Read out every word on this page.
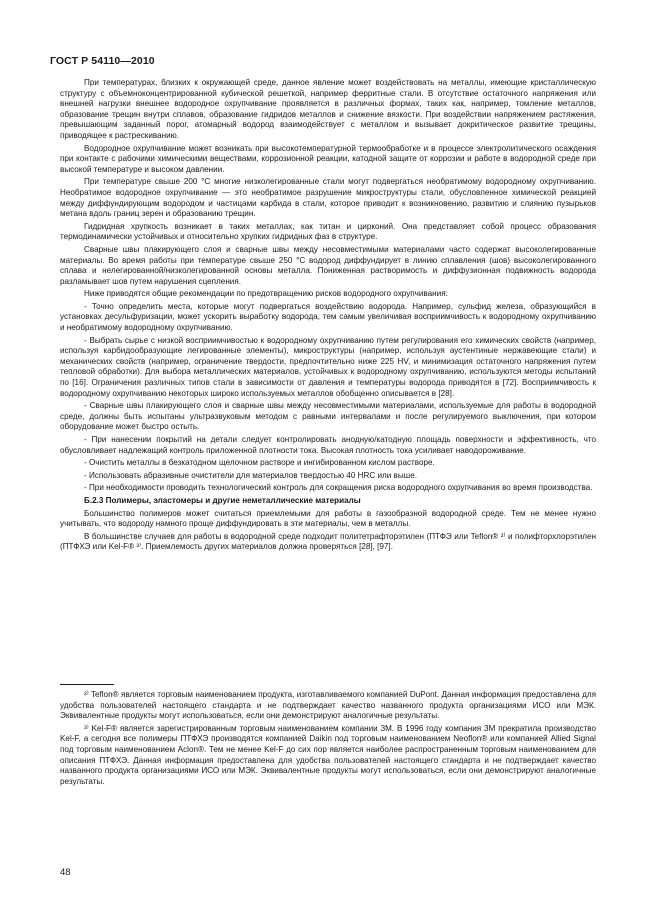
ГОСТ Р 54110—2010

При температурах, близких к окружающей среде, данное явление может воздействовать на металлы, имеющие кристаллическую структуру с объемноконцентрированной кубической решеткой, например ферритные стали. В отсутствие остаточного напряжения или внешней нагрузки внешнее водородное охрупчивание проявляется в различных формах, таких как, например, томление металлов, образование трещин внутри сплавов, образование гидридов металлов и снижение вязкости. При воздействии напряжением растяжения, превышающим заданный порог, атомарный водород взаимодействует с металлом и вызывает докритическое развитие трещины, приводящее к растрескиванию.

Водородное охрупчивание может возникать при высокотемпературной термообработке и в процессе электролитического осаждения при контакте с рабочими химическими веществами, коррозионной реакции, катодной защите от коррозии и работе в водородной среде при высокой температуре и высоком давлении.

При температуре свыше 200 °С многие низколегированные стали могут подвергаться необратимому водородному охрупчиванию. Необратимое водородное охрупчивание — это необратимое разрушение микроструктуры стали, обусловленное химической реакцией между диффундирующим водородом и частицами карбида в стали, которое приводит к возникновению, развитию и слиянию пузырьков метана вдоль границ зерен и образованию трещин.

Гидридная хрупкость возникает в таких металлах, как титан и цирконий. Она представляет собой процесс образования термодинамически устойчивых и относительно хрупких гидридных фаз в структуре.

Сварные швы плакирующего слоя и сварные швы между несовместимыми материалами часто содержат высоколегированные материалы. Во время работы при температуре свыше 250 °С водород диффундирует в линию сплавления (шов) высоколегированного сплава и нелегированной/низколегированной основы металла. Пониженная растворимость и диффузионная подвижность водорода разламывает шов путем нарушения сцепления.

Ниже приводятся общие рекомендации по предотвращению рисков водородного охрупчивания:

- Точно определить места, которые могут подвергаться воздействию водорода. Например, сульфид железа, образующийся в установках десульфуризации, может ускорить выработку водорода, тем самым увеличивая восприимчивость к водородному охрупчиванию и необратимому водородному охрупчиванию.

- Выбрать сырье с низкой восприимчивостью к водородному охрупчиванию путем регулирования его химических свойств (например, используя карбидообразующие легированные элементы), микроструктуры (например, используя аустентиные нержавеющие стали) и механических свойств (например, ограничение твердости, предпочтительно ниже 225 HV, и минимизация остаточного напряжения путем тепловой обработки). Для выбора металлических материалов, устойчивых к водородному охрупчиванию, используются методы испытаний по [16]. Ограничения различных типов стали в зависимости от давления и температуры водорода приводятся в [72]. Восприимчивость к водородному охрупчиванию некоторых широко используемых металлов обобщенно описывается в [28].

- Сварные швы плакирующего слоя и сварные швы между несовместимыми материалами, используемые для работы в водородной среде, должны быть испытаны ультразвуковым методом с равными интервалами и после регулируемого выключения, при котором оборудование может быстро остыть.

- При нанесении покрытий на детали следует контролировать анодную/катодную площадь поверхности и эффективность, что обусловливает надлежащий контроль приложенной плотности тока. Высокая плотность тока усиливает наводороживание.

- Очистить металлы в безкатодном щелочном растворе и ингибированном кислом растворе.

- Использовать абразивные очистители для материалов твердостью 40 HRC или выше.

- При необходимости проводить технологический контроль для сокращения риска водородного охрупчивания во время производства.

Б.2.3 Полимеры, эластомеры и другие неметаллические материалы

Большинство полимеров может считаться приемлемыми для работы в газообразной водородной среде. Тем не менее нужно учитывать, что водороду намного проще диффундировать в эти материалы, чем в металлы.

В большинстве случаев для работы в водородной среде подходит политетрафторэтилен (ПТФЭ или Teflon® ²⁾ и полифторхлорэтилен (ПТФХЭ или Kel-F® ³⁾. Приемлемость других материалов должна проверяться [28], [97].

²⁾ Teflon® является торговым наименованием продукта, изготавливаемого компанией DuPont. Данная информация предоставлена для удобства пользователей настоящего стандарта и не подтверждает качество названного продукта организациями ИСО или МЭК. Эквивалентные продукты могут использоваться, если они демонстрируют аналогичные результаты.

³⁾ Kel-F® является зарегистрированным торговым наименованием компании 3М. В 1996 году компания 3М прекратила производство Kel-F, а сегодня все полимеры ПТФХЭ производятся компанией Daikin под торговым наименованием Neoflon® или компанией Allied Signal под торговым наименованием Aclon®. Тем не менее Kel-F до сих пор является наиболее распространенным торговым наименованием для описания ПТФХЭ. Данная информация предоставлена для удобства пользователей настоящего стандарта и не подтверждает качество названного продукта организациями ИСО или МЭК. Эквивалентные продукты могут использоваться, если они демонстрируют аналогичные результаты.

48
